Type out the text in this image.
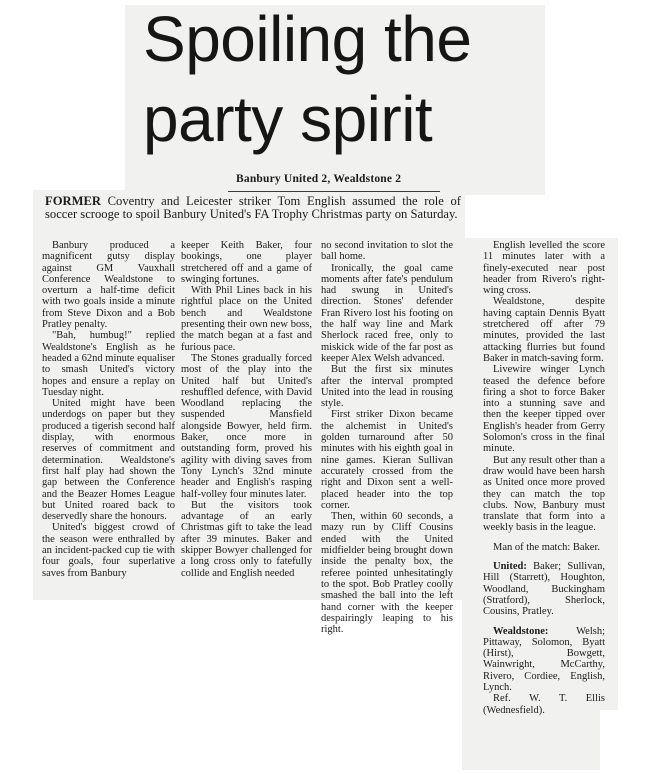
Spoiling the
party spirit

Banbury United 2, Wealdstone 2

FORMER Coventry and Leicester striker Tom English assumed the role of soccer scrooge to spoil Banbury United's FA Trophy Christmas party on Saturday.

Banbury produced a magnificent gutsy display against GM Vauxhall Conference Wealdstone to overturn a half-time deficit with two goals inside a minute from Steve Dixon and a Bob Pratley penalty.

"Bah, humbug!" replied Wealdstone's English as he headed a 62nd minute equaliser to smash United's victory hopes and ensure a replay on Tuesday night.

United might have been underdogs on paper but they produced a tigerish second half display, with enormous reserves of commitment and determination. Wealdstone's first half play had shown the gap between the Conference and the Beazer Homes League but United roared back to deservedly share the honours.

United's biggest crowd of the season were enthralled by an incident-packed cup tie with four goals, four superlative saves from Banbury

keeper Keith Baker, four bookings, one player stretchered off and a game of swinging fortunes.

With Phil Lines back in his rightful place on the United bench and Wealdstone presenting their own new boss, the match began at a fast and furious pace.

The Stones gradually forced most of the play into the United half but United's reshuffled defence, with David Woodland replacing the suspended Mansfield alongside Bowyer, held firm. Baker, once more in outstanding form, proved his agility with diving saves from Tony Lynch's 32nd minute header and English's rasping half-volley four minutes later.

But the visitors took advantage of an early Christmas gift to take the lead after 39 minutes. Baker and skipper Bowyer challenged for a long cross only to fatefully collide and English needed

no second invitation to slot the ball home.

Ironically, the goal came moments after fate's pendulum had swung in United's direction. Stones' defender Fran Rivero lost his footing on the half way line and Mark Sherlock raced free, only to miskick wide of the far post as keeper Alex Welsh advanced.

But the first six minutes after the interval prompted United into the lead in rousing style.

First striker Dixon became the alchemist in United's golden turnaround after 50 minutes with his eighth goal in nine games. Kieran Sullivan accurately crossed from the right and Dixon sent a well-placed header into the top corner.

Then, within 60 seconds, a mazy run by Cliff Cousins ended with the United midfielder being brought down inside the penalty box, the referee pointed unhesitatingly to the spot. Bob Pratley coolly smashed the ball into the left hand corner with the keeper despairingly leaping to his right.

English levelled the score 11 minutes later with a finely-executed near post header from Rivero's right-wing cross.

Wealdstone, despite having captain Dennis Byatt stretchered off after 79 minutes, provided the last attacking flurries but found Baker in match-saving form.

Livewire winger Lynch teased the defence before firing a shot to force Baker into a stunning save and then the keeper tipped over English's header from Gerry Solomon's cross in the final minute.

But any result other than a draw would have been harsh as United once more proved they can match the top clubs. Now, Banbury must translate that form into a weekly basis in the league.

Man of the match: Baker.

United: Baker; Sullivan, Hill (Starrett), Houghton, Woodland, Buckingham (Stratford), Sherlock, Cousins, Pratley.

Wealdstone:	Welsh; Pittaway, Solomon, Byatt (Hirst), Bowgett, Wainwright, McCarthy, Rivero, Cordiee, English, Lynch.

Ref. W. T. Ellis (Wednesfield).
